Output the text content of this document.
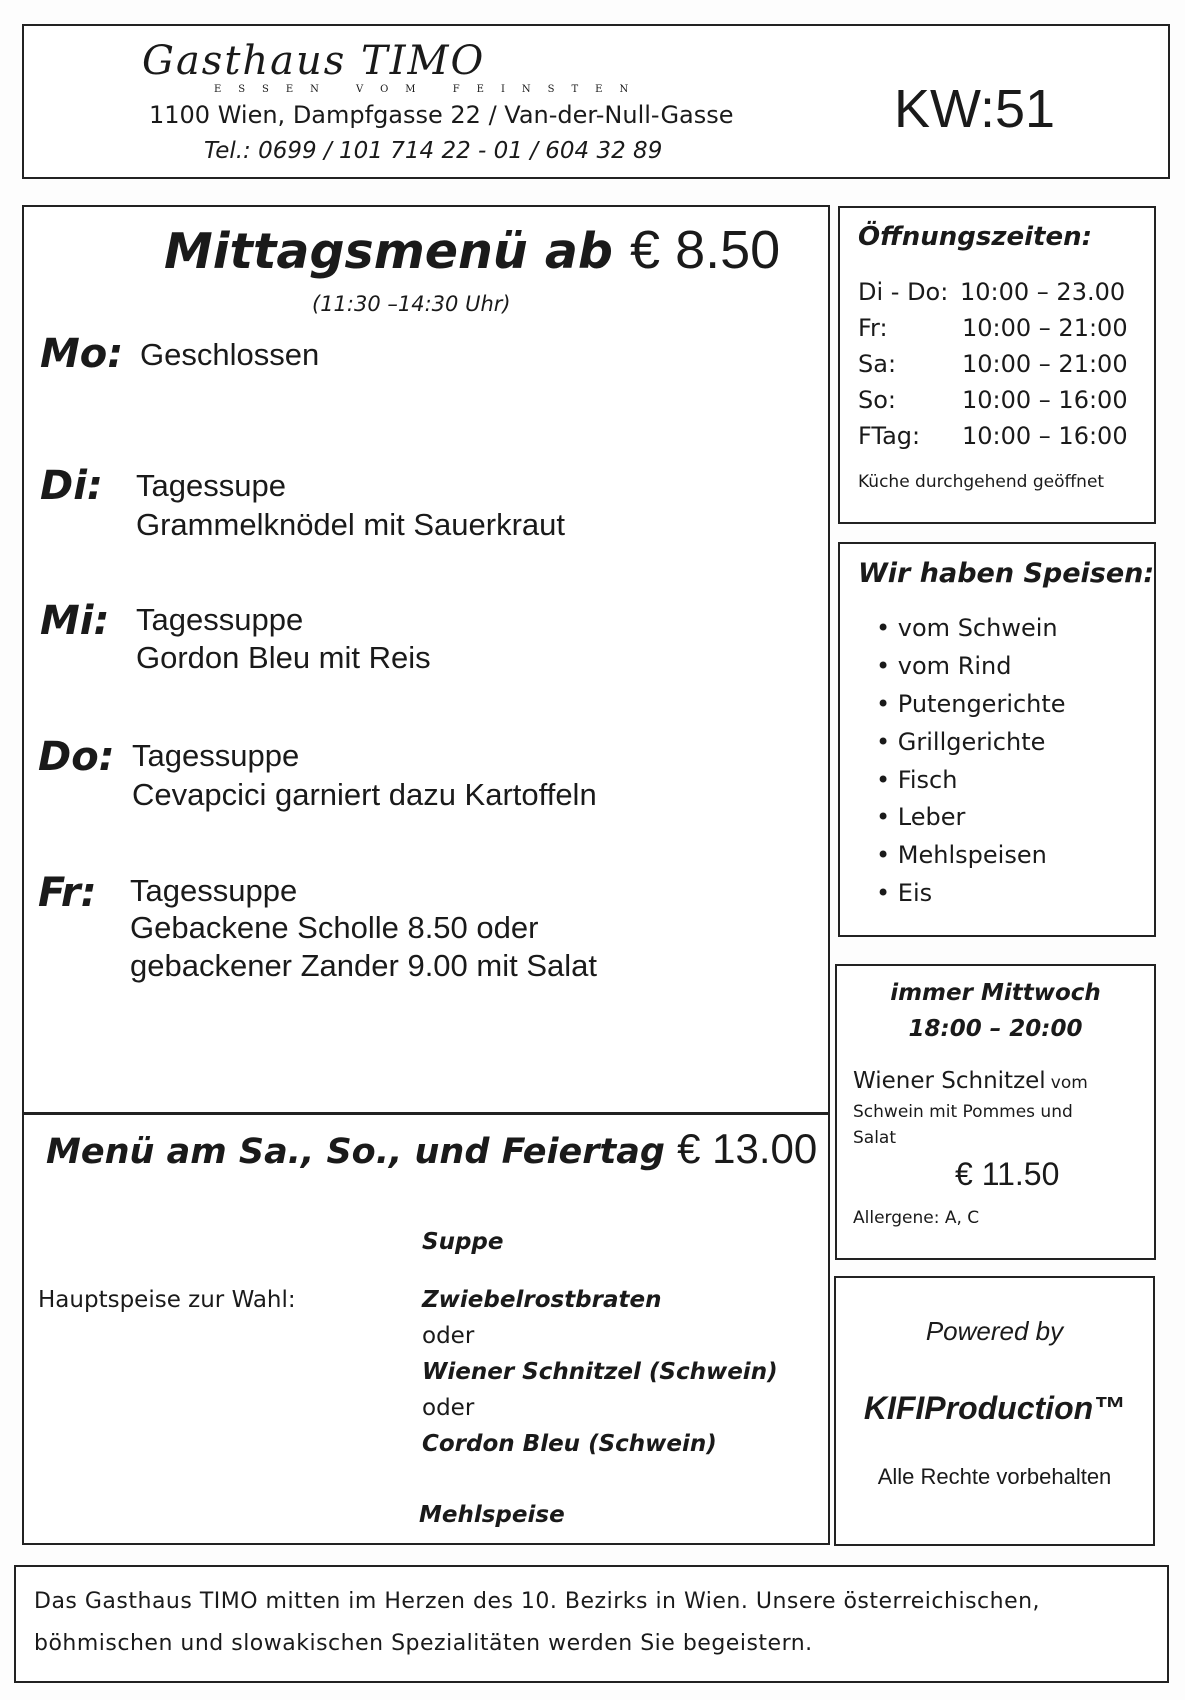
Gasthaus TIMO
ESSEN VOM FEINSTEN
1100 Wien, Dampfgasse 22 / Van-der-Null-Gasse
Tel.: 0699 / 101 714 22 - 01 / 604 32 89
KW:51
Mittagsmenü ab € 8.50
(11:30 –14:30 Uhr)
Mo: Geschlossen
Di: Tagessupe
Grammelknödel mit Sauerkraut
Mi: Tagessuppe
Gordon Bleu mit Reis
Do: Tagessuppe
Cevapcici garniert dazu Kartoffeln
Fr: Tagessuppe
Gebackene Scholle 8.50 oder
gebackener Zander 9.00 mit Salat
Menü am Sa., So., und Feiertag € 13.00
Suppe
Hauptspeise zur Wahl:	Zwiebelrostbraten
oder
Wiener Schnitzel (Schwein)
oder
Cordon Bleu (Schwein)
Mehlspeise
Öffnungszeiten:
Di - Do: 10:00 – 23.00
Fr:	10:00 – 21:00
Sa:	10:00 – 21:00
So:	10:00 – 16:00
FTag: 10:00 – 16:00
Küche durchgehend geöffnet
Wir haben Speisen:
• vom Schwein
• vom Rind
• Putengerichte
• Grillgerichte
• Fisch
• Leber
• Mehlspeisen
• Eis
immer Mittwoch
18:00 – 20:00
Wiener Schnitzel vom
Schwein mit Pommes und
Salat
€ 11.50
Allergene: A, C
Powered by
KIFIProduction™
Alle Rechte vorbehalten
Das Gasthaus TIMO mitten im Herzen des 10. Bezirks in Wien. Unsere österreichischen,
böhmischen und slowakischen Spezialitäten werden Sie begeistern.
